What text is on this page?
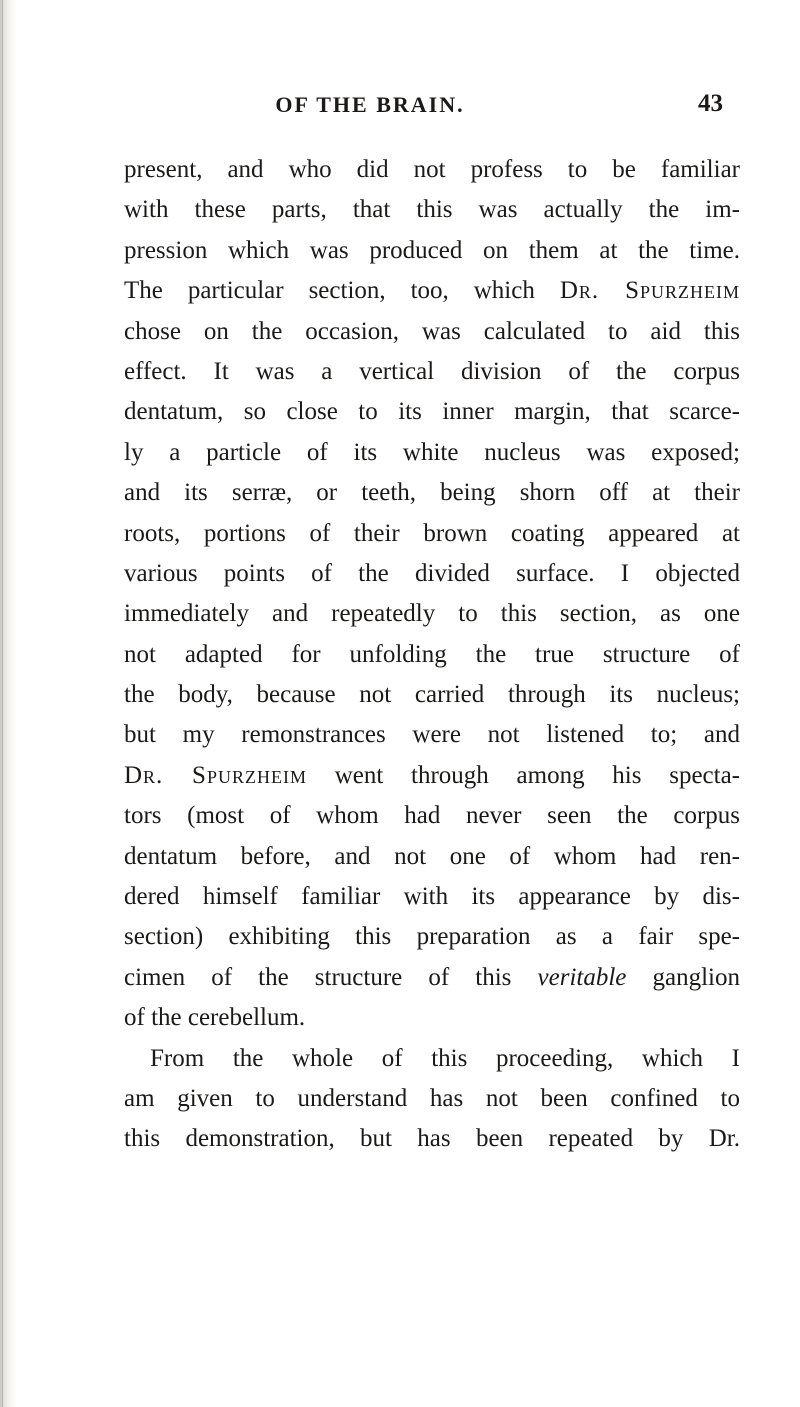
OF THE BRAIN.	43
present, and who did not profess to be familiar
with these parts, that this was actually the im-
pression which was produced on them at the time.
The particular section, too, which Dr. Spurzheim
chose on the occasion, was calculated to aid this
effect. It was a vertical division of the corpus
dentatum, so close to its inner margin, that scarce-
ly a particle of its white nucleus was exposed;
and its serræ, or teeth, being shorn off at their
roots, portions of their brown coating appeared at
various points of the divided surface. I objected
immediately and repeatedly to this section, as one
not adapted for unfolding the true structure of
the body, because not carried through its nucleus;
but my remonstrances were not listened to; and
Dr. Spurzheim went through among his specta-
tors (most of whom had never seen the corpus
dentatum before, and not one of whom had ren-
dered himself familiar with its appearance by dis-
section) exhibiting this preparation as a fair spe-
cimen of the structure of this veritable ganglion
of the cerebellum.
From the whole of this proceeding, which I
am given to understand has not been confined to
this demonstration, but has been repeated by Dr.
